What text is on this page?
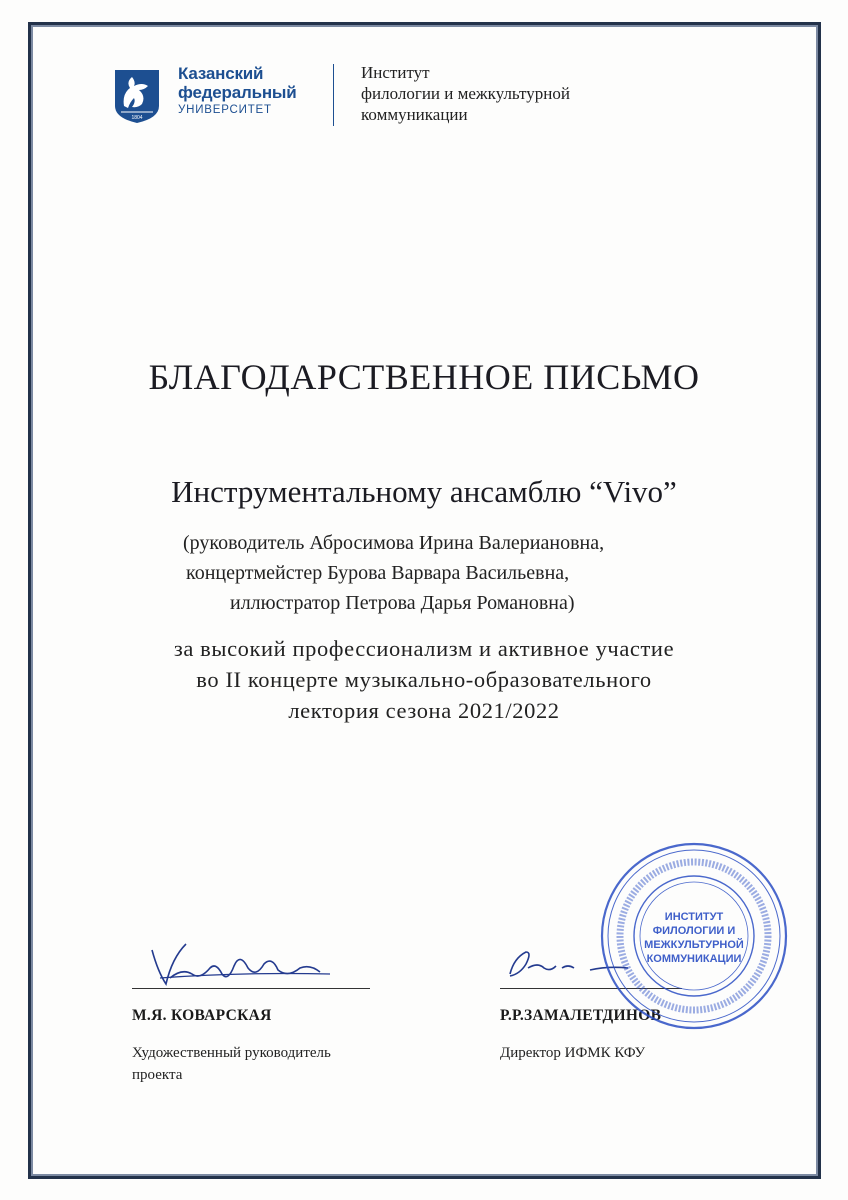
1804
Казанский
федеральный
УНИВЕРСИТЕТ
Институт
филологии и межкультурной
коммуникации
БЛАГОДАРСТВЕННОЕ ПИСЬМО
Инструментальному ансамблю “Vivo”
(руководитель Абросимова Ирина Валериановна,
концертмейстер Бурова Варвара Васильевна,
иллюстратор Петрова Дарья Романовна)
за высокий профессионализм и активное участие
во II концерте музыкально-образовательного
лектория сезона 2021/2022
М.Я. КОВАРСКАЯ
Художественный руководитель
проекта
Р.Р.ЗАМАЛЕТДИНОВ
Директор ИФМК КФУ
ИНСТИТУТ
ФИЛОЛОГИИ И
МЕЖКУЛЬТУРНОЙ
КОММУНИКАЦИИ
